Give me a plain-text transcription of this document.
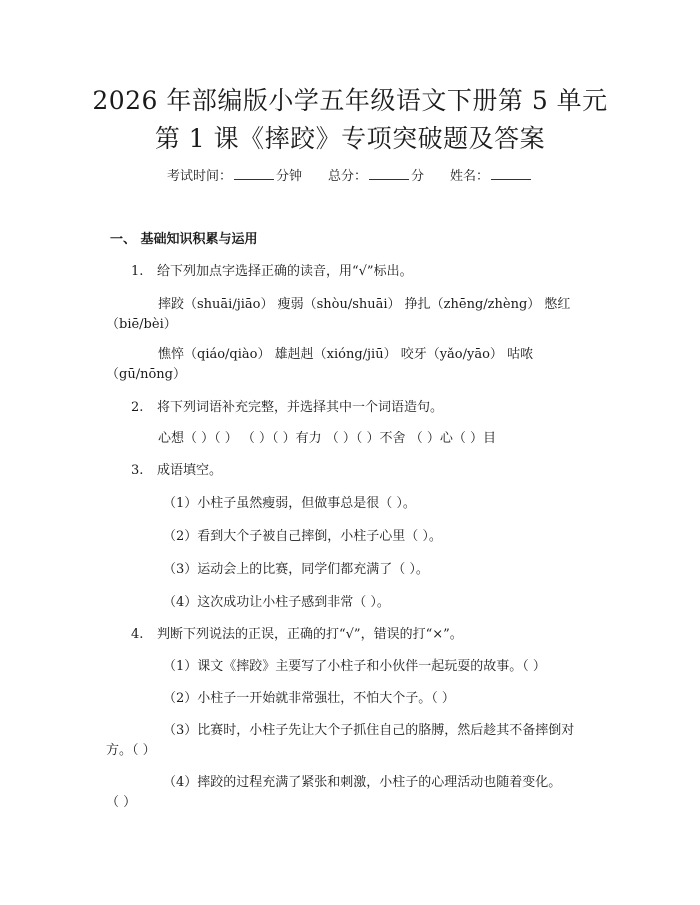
2026 年部编版小学五年级语文下册第 5 单元
第 1 课《摔跤》专项突破题及答案
考试时间：	分钟 总分：	分 姓名：
一、 基础知识积累与运用
1. 给下列加点字选择正确的读音，用“√”标出。
摔跤（shuāi/jiāo） 瘦弱（shòu/shuāi） 挣扎（zhēng/zhèng） 憋红
（biē/bèi）
憔悴（qiáo/qiào） 雄赳赳（xióng/jiū） 咬牙（yǎo/yāo） 咕哝
（gū/nōng）
2. 将下列词语补充完整，并选择其中一个词语造句。
心想（ ）（ ） （ ）（ ）有力 （ ）（ ）不舍 （ ）心（ ）目
3. 成语填空。
（1）小柱子虽然瘦弱，但做事总是很（ ）。
（2）看到大个子被自己摔倒，小柱子心里（ ）。
（3）运动会上的比赛，同学们都充满了（ ）。
（4）这次成功让小柱子感到非常（ ）。
4. 判断下列说法的正误，正确的打“√”，错误的打“×”。
（1）课文《摔跤》主要写了小柱子和小伙伴一起玩耍的故事。（ ）
（2）小柱子一开始就非常强壮，不怕大个子。（ ）
（3）比赛时，小柱子先让大个子抓住自己的胳膊，然后趁其不备摔倒对
方。（ ）
（4）摔跤的过程充满了紧张和刺激，小柱子的心理活动也随着变化。
（ ）
